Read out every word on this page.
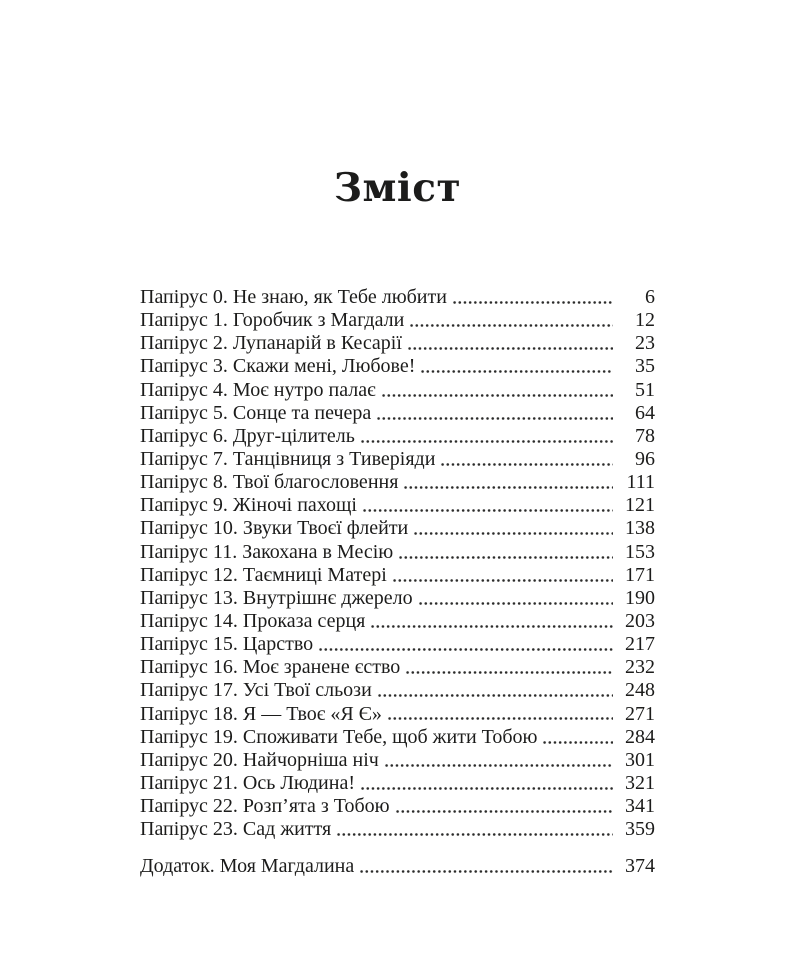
Зміст
Папірус 0. Не знаю, як Тебе любити	6
Папірус 1. Горобчик з Магдали	12
Папірус 2. Лупанарій в Кесарії	23
Папірус 3. Скажи мені, Любове!	35
Папірус 4. Моє нутро палає	51
Папірус 5. Сонце та печера	64
Папірус 6. Друг-цілитель	78
Папірус 7. Танцівниця з Тиверіяди	96
Папірус 8. Твої благословення	111
Папірус 9. Жіночі пахощі	121
Папірус 10. Звуки Твоєї флейти	138
Папірус 11. Закохана в Месію	153
Папірус 12. Таємниці Матері	171
Папірус 13. Внутрішнє джерело	190
Папірус 14. Проказа серця	203
Папірус 15. Царство	217
Папірус 16. Моє зранене єство	232
Папірус 17. Усі Твої сльози	248
Папірус 18. Я — Твоє «Я Є»	271
Папірус 19. Споживати Тебе, щоб жити Тобою	284
Папірус 20. Найчорніша ніч	301
Папірус 21. Ось Людина!	321
Папірус 22. Розп’ята з Тобою	341
Папірус 23. Сад життя	359
Додаток. Моя Магдалина	374
